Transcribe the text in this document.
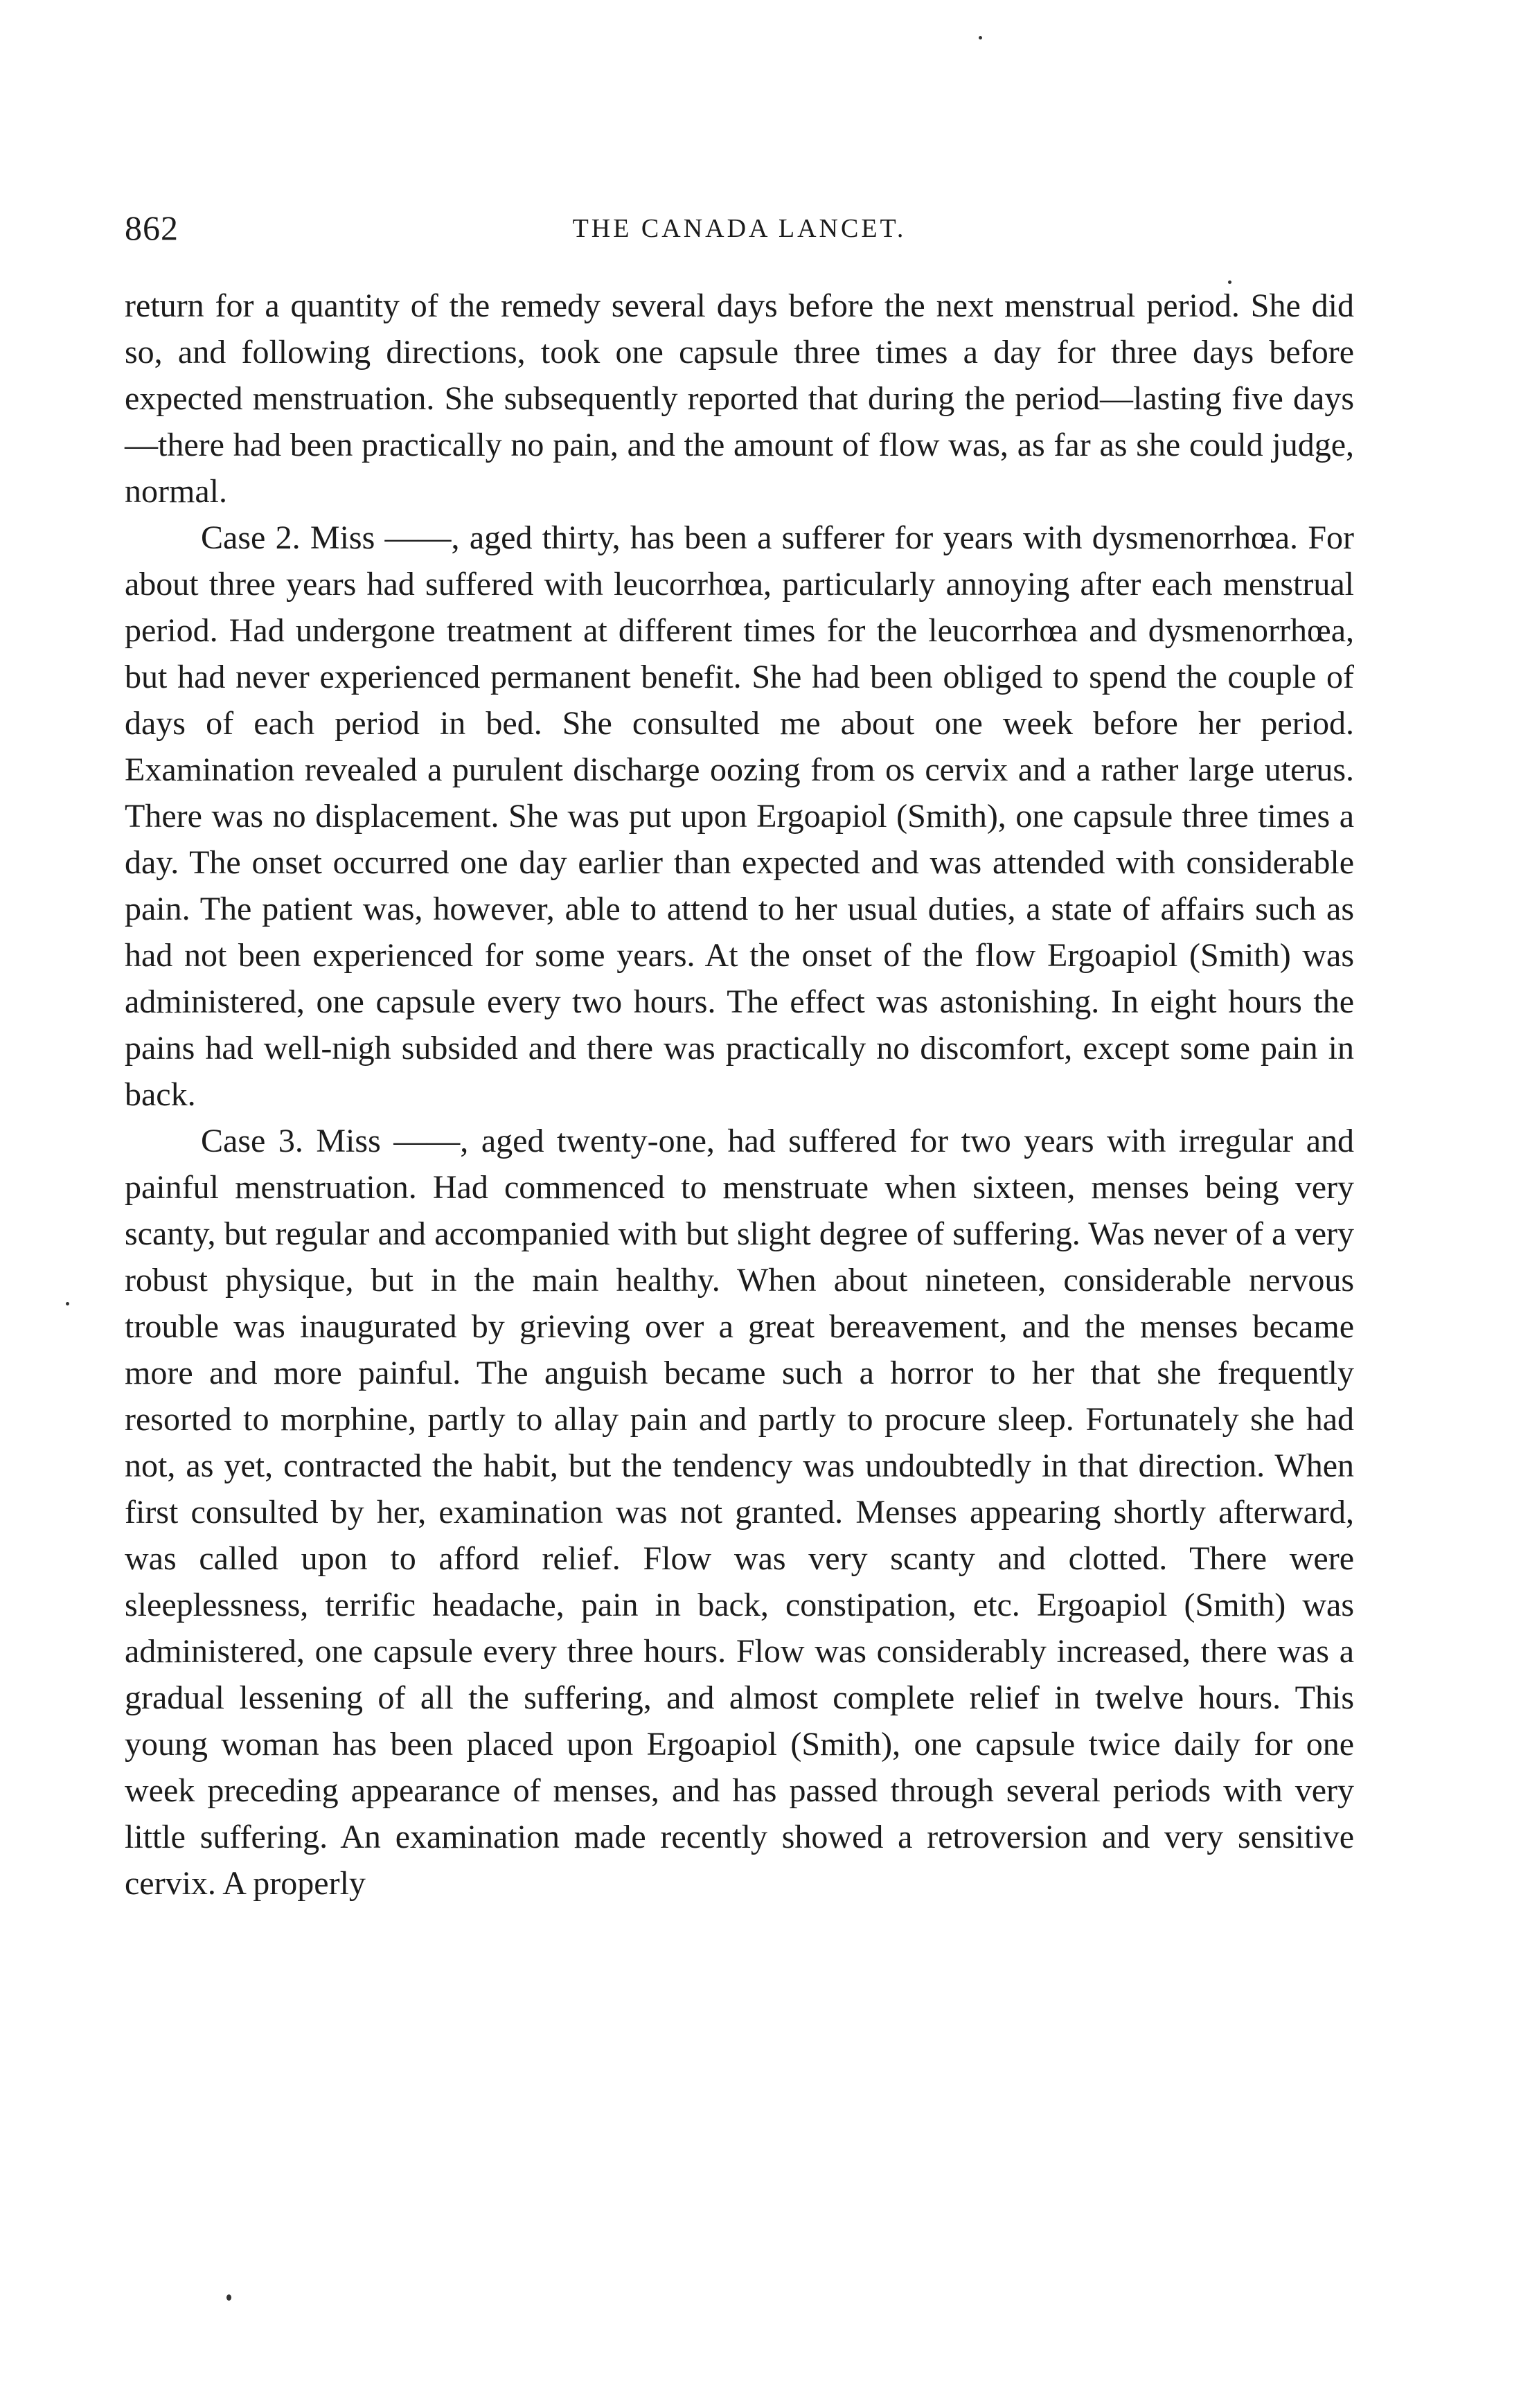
862	THE CANADA LANCET.

return for a quantity of the remedy several days before the next menstrual period. She did so, and following directions, took one capsule three times a day for three days before expected menstruation. She subsequently reported that during the period—lasting five days—there had been practically no pain, and the amount of flow was, as far as she could judge, normal.

Case 2. Miss ——, aged thirty, has been a sufferer for years with dysmenorrhœa. For about three years had suffered with leucorrhœa, particularly annoying after each menstrual period. Had undergone treatment at different times for the leucorrhœa and dysmenorrhœa, but had never experienced permanent benefit. She had been obliged to spend the couple of days of each period in bed. She consulted me about one week before her period. Examination revealed a purulent discharge oozing from os cervix and a rather large uterus. There was no displacement. She was put upon Ergoapiol (Smith), one capsule three times a day. The onset occurred one day earlier than expected and was attended with considerable pain. The patient was, however, able to attend to her usual duties, a state of affairs such as had not been experienced for some years. At the onset of the flow Ergoapiol (Smith) was administered, one capsule every two hours. The effect was astonishing. In eight hours the pains had well-nigh subsided and there was practically no discomfort, except some pain in back.

Case 3. Miss ——, aged twenty-one, had suffered for two years with irregular and painful menstruation. Had commenced to menstruate when sixteen, menses being very scanty, but regular and accompanied with but slight degree of suffering. Was never of a very robust physique, but in the main healthy. When about nineteen, considerable nervous trouble was inaugurated by grieving over a great bereavement, and the menses became more and more painful. The anguish became such a horror to her that she frequently resorted to morphine, partly to allay pain and partly to procure sleep. Fortunately she had not, as yet, contracted the habit, but the tendency was undoubtedly in that direction. When first consulted by her, examination was not granted. Menses appearing shortly afterward, was called upon to afford relief. Flow was very scanty and clotted. There were sleeplessness, terrific headache, pain in back, constipation, etc. Ergoapiol (Smith) was administered, one capsule every three hours. Flow was considerably increased, there was a gradual lessening of all the suffering, and almost complete relief in twelve hours. This young woman has been placed upon Ergoapiol (Smith), one capsule twice daily for one week preceding appearance of menses, and has passed through several periods with very little suffering. An examination made recently showed a retroversion and very sensitive cervix. A properly
